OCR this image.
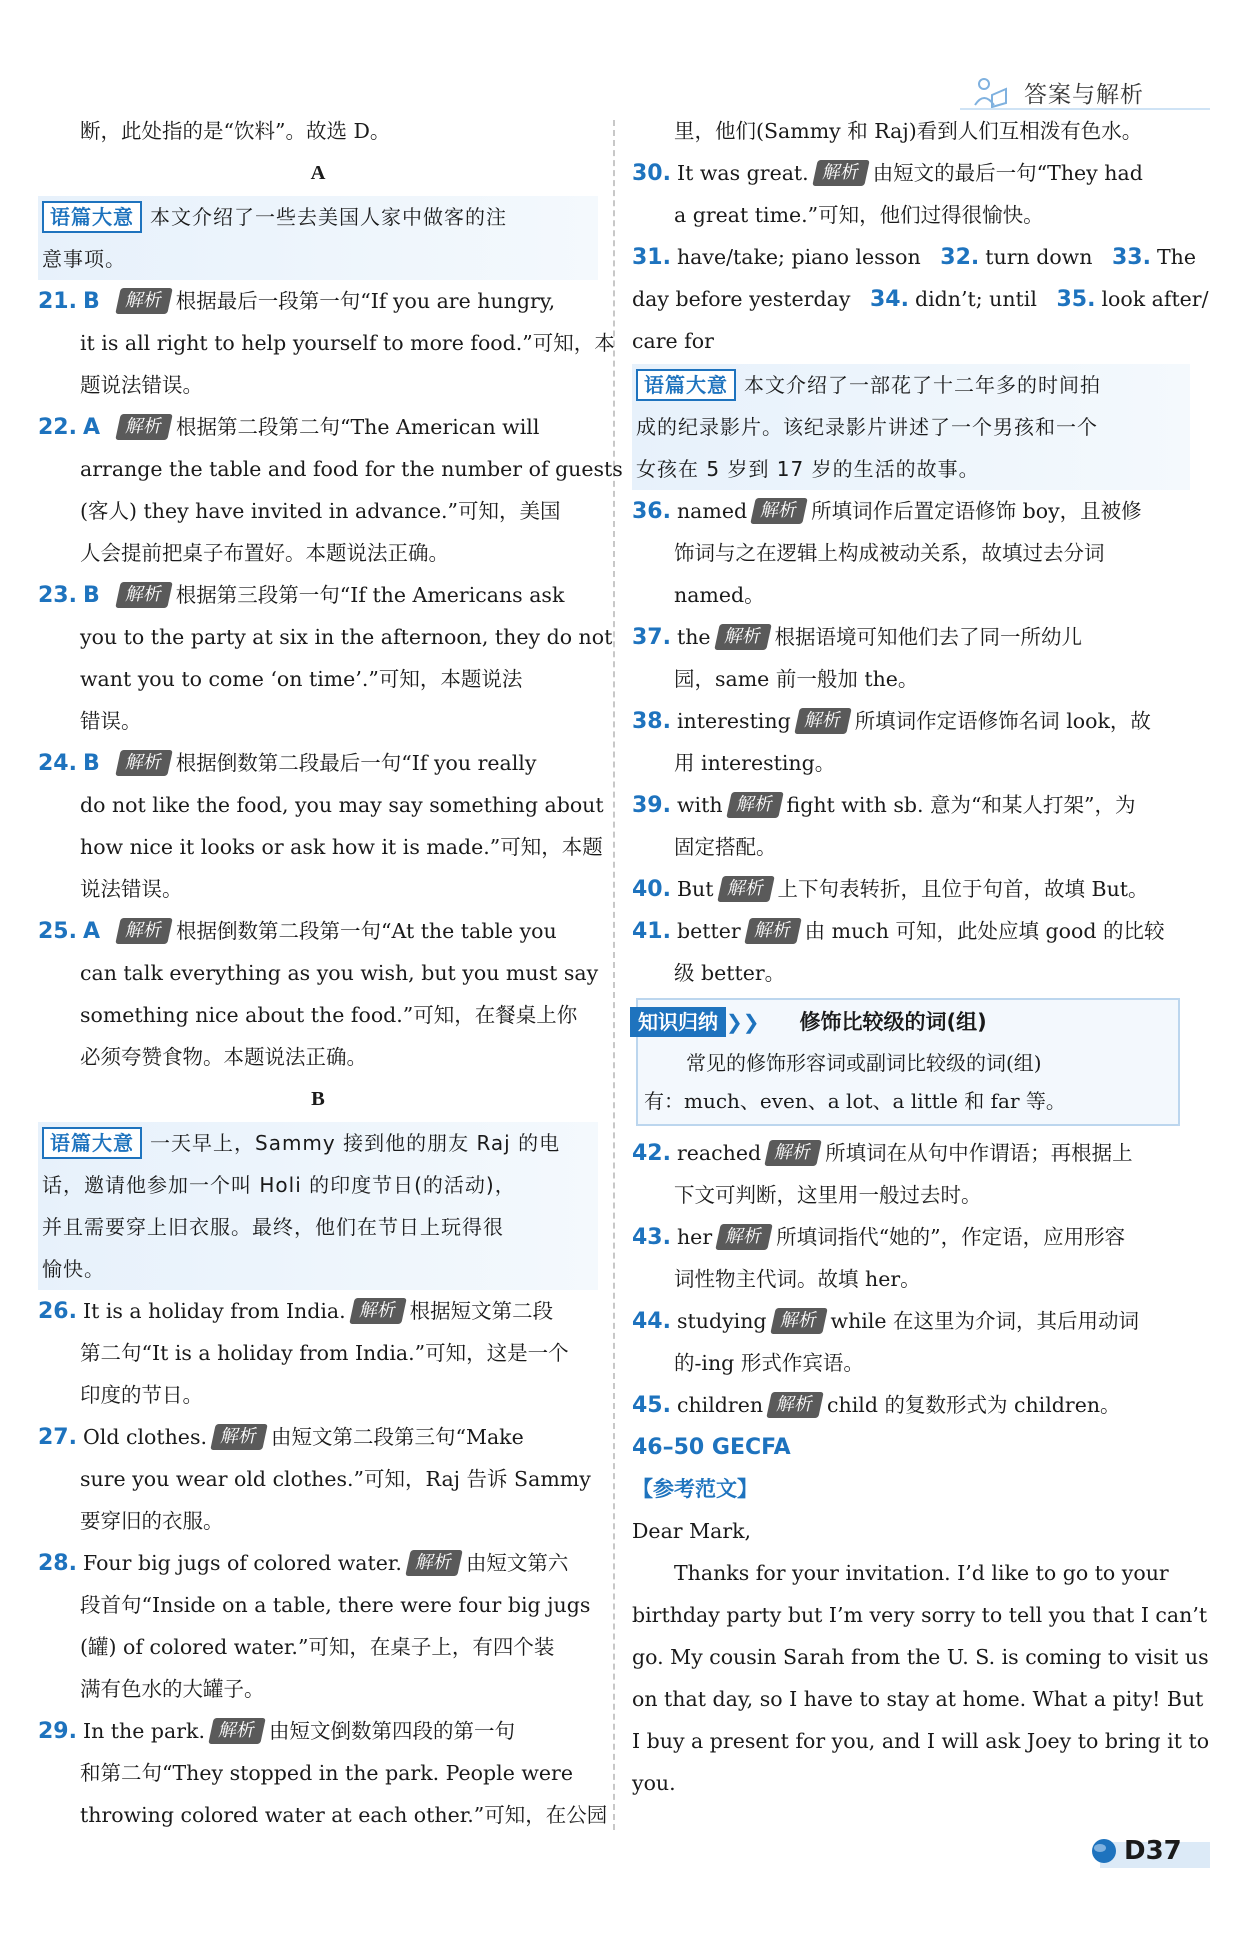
答案与解析
断，此处指的是“饮料”。故选 D。
A
语篇大意 本文介绍了一些去美国人家中做客的注
意事项。
21. B 解析 根据最后一段第一句“If you are hungry,
it is all right to help yourself to more food.”可知，本
题说法错误。
22. A 解析 根据第二段第二句“The American will
arrange the table and food for the number of guests
(客人) they have invited in advance.”可知，美国
人会提前把桌子布置好。本题说法正确。
23. B 解析 根据第三段第一句“If the Americans ask
you to the party at six in the afternoon, they do not
want you to come ‘on time’.”可知，本题说法
错误。
24. B 解析 根据倒数第二段最后一句“If you really
do not like the food, you may say something about
how nice it looks or ask how it is made.”可知，本题
说法错误。
25. A 解析 根据倒数第二段第一句“At the table you
can talk everything as you wish, but you must say
something nice about the food.”可知，在餐桌上你
必须夸赞食物。本题说法正确。
B
语篇大意 一天早上，Sammy 接到他的朋友 Raj 的电
话，邀请他参加一个叫 Holi 的印度节日(的活动)，
并且需要穿上旧衣服。最终，他们在节日上玩得很
愉快。
26. It is a holiday from India. 解析 根据短文第二段
第二句“It is a holiday from India.”可知，这是一个
印度的节日。
27. Old clothes. 解析 由短文第二段第三句“Make
sure you wear old clothes.”可知，Raj 告诉 Sammy
要穿旧的衣服。
28. Four big jugs of colored water. 解析 由短文第六
段首句“Inside on a table, there were four big jugs
(罐) of colored water.”可知，在桌子上，有四个装
满有色水的大罐子。
29. In the park. 解析 由短文倒数第四段的第一句
和第二句“They stopped in the park. People were
throwing colored water at each other.”可知，在公园
里，他们(Sammy 和 Raj)看到人们互相泼有色水。
30. It was great. 解析 由短文的最后一句“They had
a great time.”可知，他们过得很愉快。
31. have/take; piano lesson 32. turn down 33. The
day before yesterday 34. didn’t; until 35. look after/
care for
语篇大意 本文介绍了一部花了十二年多的时间拍
成的纪录影片。该纪录影片讲述了一个男孩和一个
女孩在 5 岁到 17 岁的生活的故事。
36. named 解析 所填词作后置定语修饰 boy，且被修
饰词与之在逻辑上构成被动关系，故填过去分词
named。
37. the 解析 根据语境可知他们去了同一所幼儿
园，same 前一般加 the。
38. interesting 解析 所填词作定语修饰名词 look，故
用 interesting。
39. with 解析 fight with sb. 意为“和某人打架”，为
固定搭配。
40. But 解析 上下句表转折，且位于句首，故填 But。
41. better 解析 由 much 可知，此处应填 good 的比较
级 better。
知识归纳 ❯❯ 修饰比较级的词(组)
常见的修饰形容词或副词比较级的词(组)
有：much、even、a lot、a little 和 far 等。
42. reached 解析 所填词在从句中作谓语；再根据上
下文可判断，这里用一般过去时。
43. her 解析 所填词指代“她的”，作定语，应用形容
词性物主代词。故填 her。
44. studying 解析 while 在这里为介词，其后用动词
的-ing 形式作宾语。
45. children 解析 child 的复数形式为 children。
46–50 GECFA
【参考范文】
Dear Mark,
Thanks for your invitation. I’d like to go to your
birthday party but I’m very sorry to tell you that I can’t
go. My cousin Sarah from the U. S. is coming to visit us
on that day, so I have to stay at home. What a pity! But
I buy a present for you, and I will ask Joey to bring it to
you.
D37
